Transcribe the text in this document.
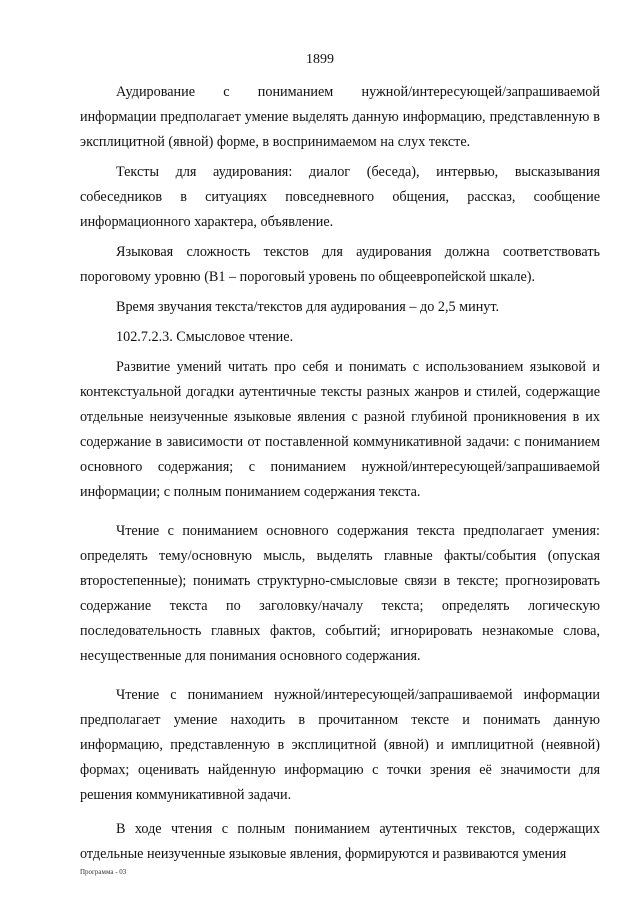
1899

Аудирование с пониманием нужной/интересующей/запрашиваемой информации предполагает умение выделять данную информацию, представленную в эксплицитной (явной) форме, в воспринимаемом на слух тексте.

Тексты для аудирования: диалог (беседа), интервью, высказывания собеседников в ситуациях повседневного общения, рассказ, сообщение информационного характера, объявление.

Языковая сложность текстов для аудирования должна соответствовать пороговому уровню (В1 – пороговый уровень по общеевропейской шкале).

Время звучания текста/текстов для аудирования – до 2,5 минут.

102.7.2.3. Смысловое чтение.

Развитие умений читать про себя и понимать с использованием языковой и контекстуальной догадки аутентичные тексты разных жанров и стилей, содержащие отдельные неизученные языковые явления с разной глубиной проникновения в их содержание в зависимости от поставленной коммуникативной задачи: с пониманием основного содержания; с пониманием нужной/интересующей/запрашиваемой информации; с полным пониманием содержания текста.

Чтение с пониманием основного содержания текста предполагает умения: определять тему/основную мысль, выделять главные факты/события (опуская второстепенные); понимать структурно-смысловые связи в тексте; прогнозировать содержание текста по заголовку/началу текста; определять логическую последовательность главных фактов, событий; игнорировать незнакомые слова, несущественные для понимания основного содержания.

Чтение с пониманием нужной/интересующей/запрашиваемой информации предполагает умение находить в прочитанном тексте и понимать данную информацию, представленную в эксплицитной (явной) и имплицитной (неявной) формах; оценивать найденную информацию с точки зрения её значимости для решения коммуникативной задачи.

В ходе чтения с полным пониманием аутентичных текстов, содержащих отдельные неизученные языковые явления, формируются и развиваются умения

Программа - 03
